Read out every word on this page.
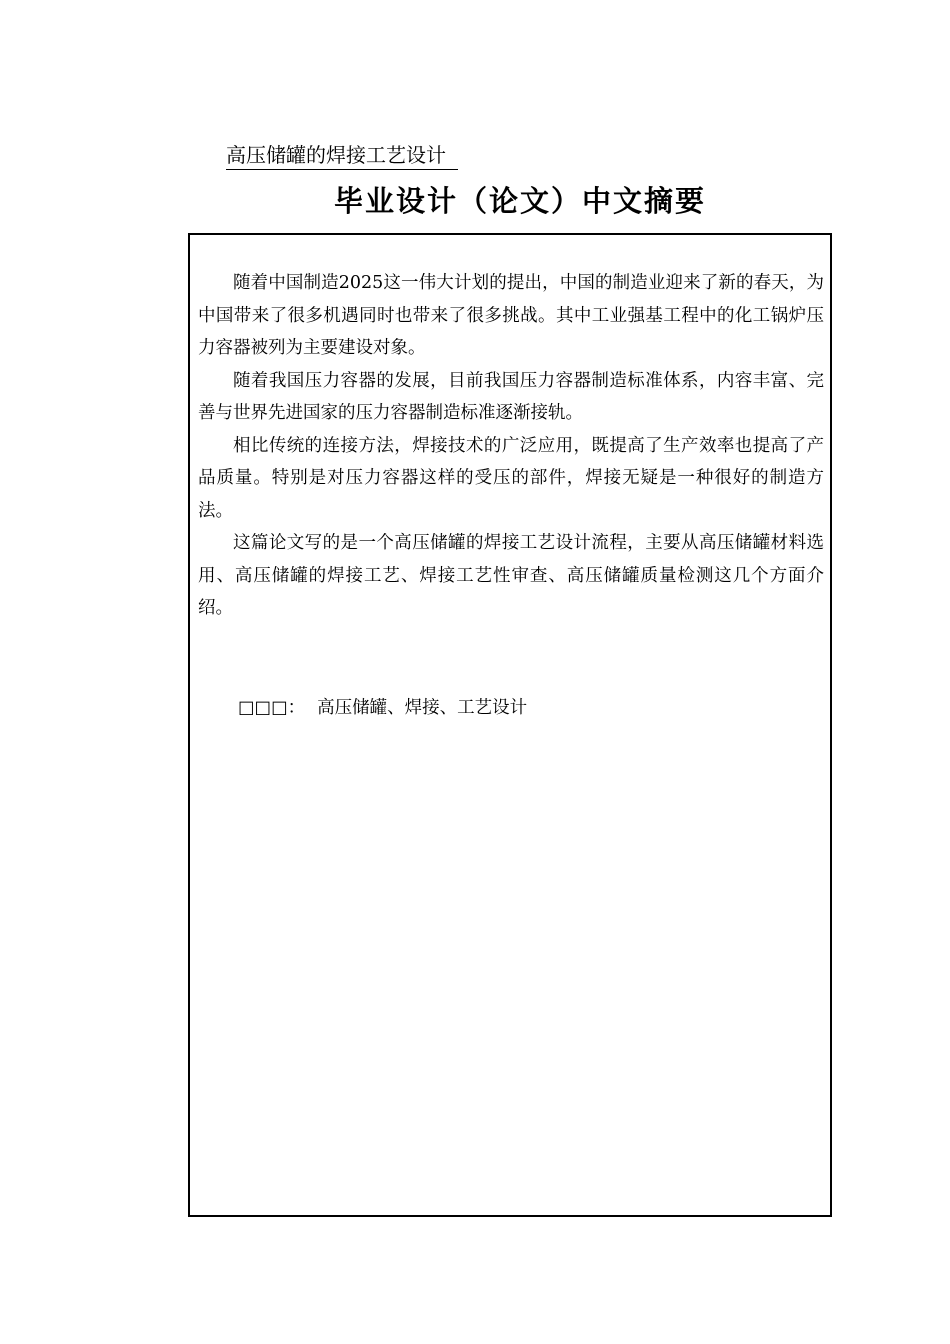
高压储罐的焊接工艺设计
毕业设计（论文）中文摘要

随着中国制造2025这一伟大计划的提出，中国的制造业迎来了新的春天，为中国带来了很多机遇同时也带来了很多挑战。其中工业强基工程中的化工锅炉压力容器被列为主要建设对象。

随着我国压力容器的发展，目前我国压力容器制造标准体系，内容丰富、完善与世界先进国家的压力容器制造标准逐渐接轨。

相比传统的连接方法，焊接技术的广泛应用，既提高了生产效率也提高了产品质量。特别是对压力容器这样的受压的部件，焊接无疑是一种很好的制造方法。

这篇论文写的是一个高压储罐的焊接工艺设计流程，主要从高压储罐材料选用、高压储罐的焊接工艺、焊接工艺性审查、高压储罐质量检测这几个方面介绍。

□□□： 高压储罐、焊接、工艺设计
